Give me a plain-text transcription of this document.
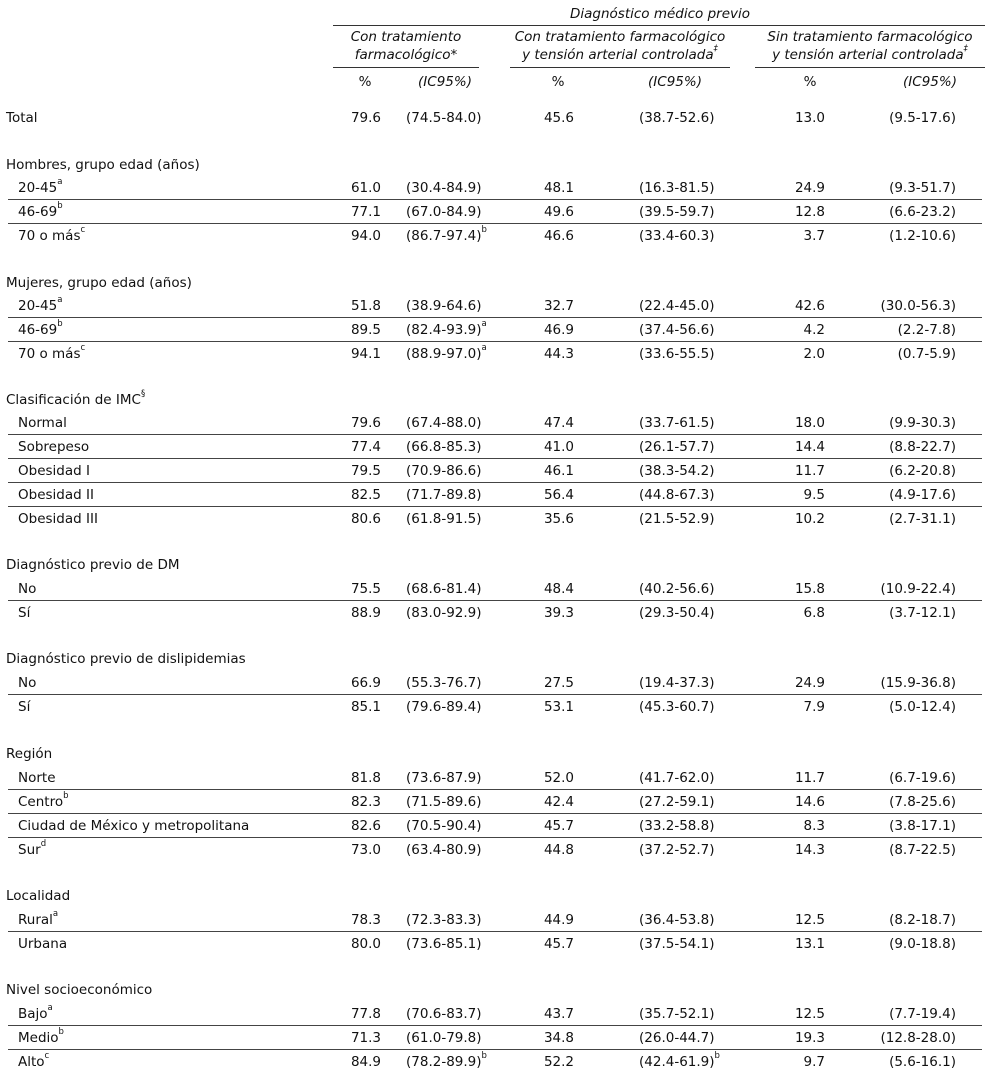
Diagnóstico médico previo
Con tratamiento
farmacológico*
Con tratamiento farmacológico
y tensión arterial controlada‡
Sin tratamiento farmacológico
y tensión arterial controlada‡
%	(IC95%)	%	(IC95%)	%	(IC95%)
Total	79.6 (74.5-84.0)	45.6	(38.7-52.6)	13.0	(9.5-17.6)
Hombres, grupo edad (años)
20-45$^a$	61.0 (30.4-84.9)	48.1	(16.3-81.5)	24.9	(9.3-51.7)
46-69$^b$	77.1 (67.0-84.9)	49.6	(39.5-59.7)	12.8	(6.6-23.2)
70 o más$^c$	94.0 $(86.7-97.4)^b$	46.6	(33.4-60.3)	3.7	(1.2-10.6)
Mujeres, grupo edad (años)
20-45$^a$	51.8 (38.9-64.6)	32.7	(22.4-45.0)	42.6	(30.0-56.3)
46-69$^b$	89.5 $(82.4-93.9)^a$	46.9	(37.4-56.6)	4.2	(2.2-7.8)
70 o más$^c$	94.1 $(88.9-97.0)^a$	44.3	(33.6-55.5)	2.0	(0.7-5.9)
Clasificación de IMC§
Normal	79.6 (67.4-88.0)	47.4	(33.7-61.5)	18.0	(9.9-30.3)
Sobrepeso	77.4 (66.8-85.3)	41.0	(26.1-57.7)	14.4	(8.8-22.7)
Obesidad I	79.5 (70.9-86.6)	46.1	(38.3-54.2)	11.7	(6.2-20.8)
Obesidad II	82.5 (71.7-89.8)	56.4	(44.8-67.3)	9.5	(4.9-17.6)
Obesidad III	80.6 (61.8-91.5)	35.6	(21.5-52.9)	10.2	(2.7-31.1)
Diagnóstico previo de DM
No	75.5 (68.6-81.4)	48.4	(40.2-56.6)	15.8	(10.9-22.4)
Sí	88.9 (83.0-92.9)	39.3	(29.3-50.4)	6.8	(3.7-12.1)
Diagnóstico previo de dislipidemias
No	66.9 (55.3-76.7)	27.5	(19.4-37.3)	24.9	(15.9-36.8)
Sí	85.1 (79.6-89.4)	53.1	(45.3-60.7)	7.9	(5.0-12.4)
Región
Norte	81.8 (73.6-87.9)	52.0	(41.7-62.0)	11.7	(6.7-19.6)
Centro$^b$	82.3 (71.5-89.6)	42.4	(27.2-59.1)	14.6	(7.8-25.6)
Ciudad de México y metropolitana	82.6 (70.5-90.4)	45.7	(33.2-58.8)	8.3	(3.8-17.1)
Sur$^d$	73.0 (63.4-80.9)	44.8	(37.2-52.7)	14.3	(8.7-22.5)
Localidad
Rural$^a$	78.3 (72.3-83.3)	44.9	(36.4-53.8)	12.5	(8.2-18.7)
Urbana	80.0 (73.6-85.1)	45.7	(37.5-54.1)	13.1	(9.0-18.8)
Nivel socioeconómico
Bajo$^a$	77.8 (70.6-83.7)	43.7	(35.7-52.1)	12.5	(7.7-19.4)
Medio$^b$	71.3 (61.0-79.8)	34.8	(26.0-44.7)	19.3	(12.8-28.0)
Alto$^c$	84.9 $(78.2-89.9)^b$	52.2	$(42.4-61.9)^b$	9.7	(5.6-16.1)
